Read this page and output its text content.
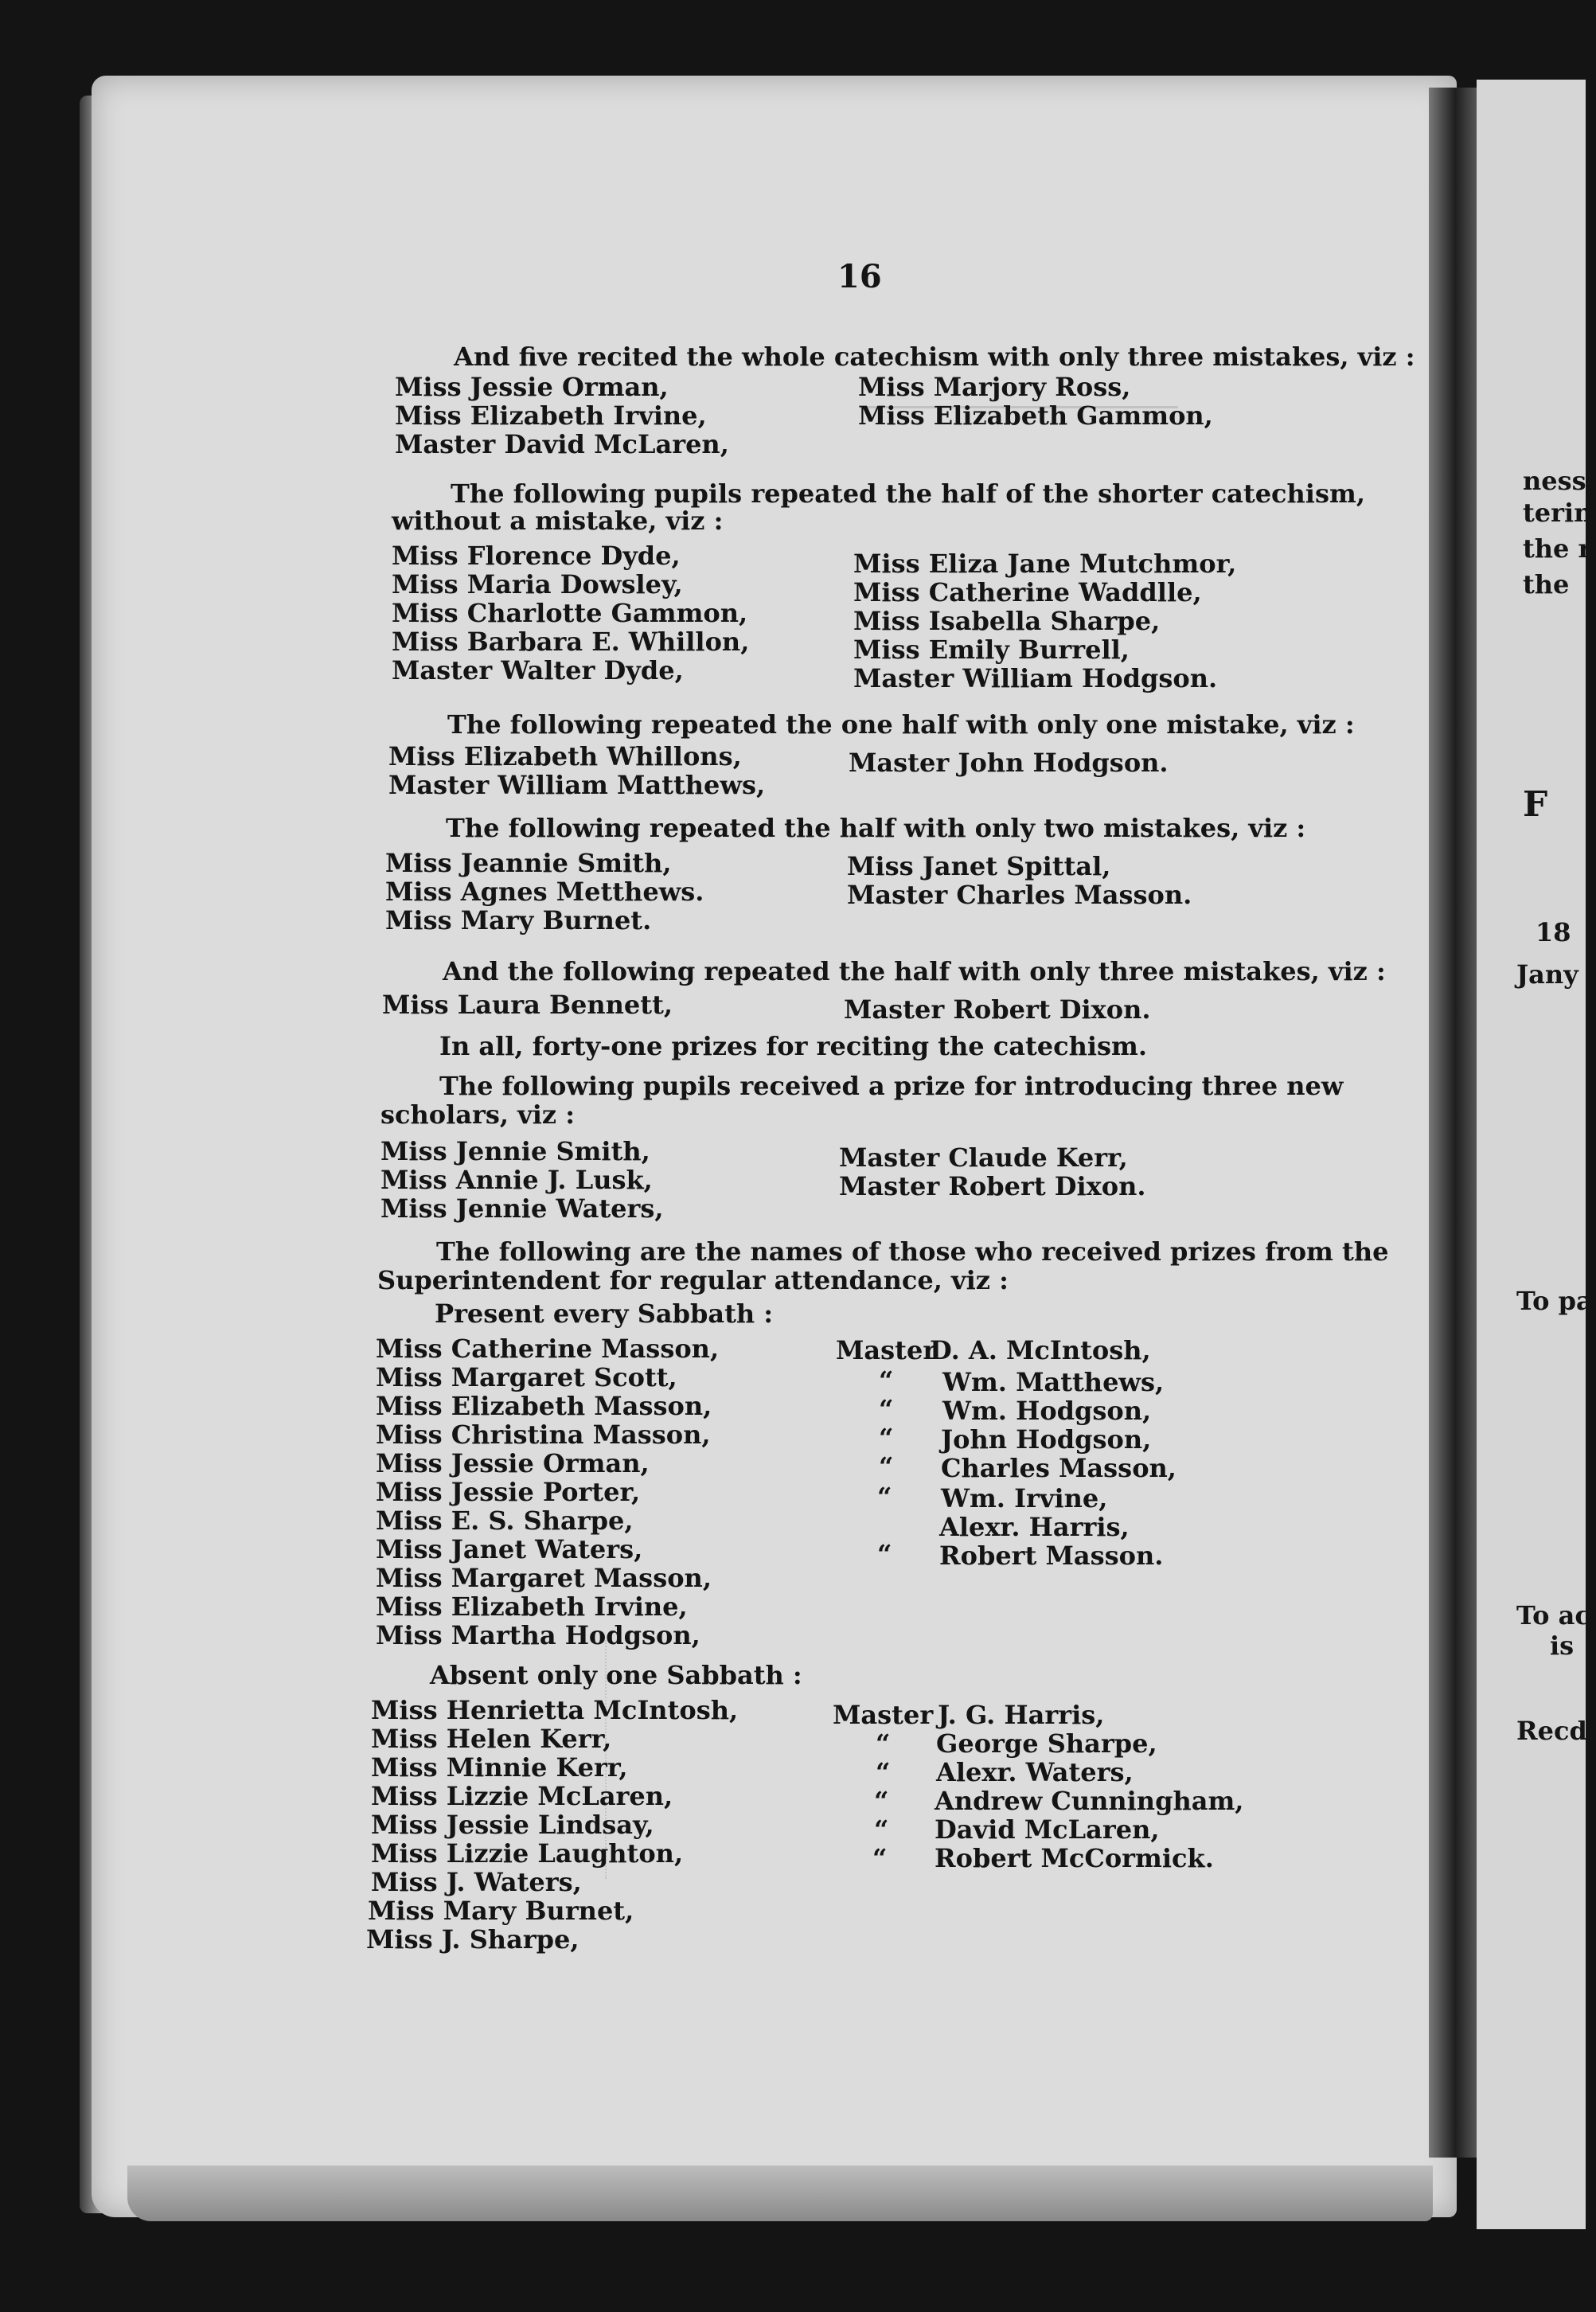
ness
terin
the r
the
F
18
Jany
To pa
To ac
is
Recd.
16
And five recited the whole catechism with only three mistakes, viz :
Miss Jessie Orman,
Miss Elizabeth Irvine,
Master David McLaren,
Miss Marjory Ross,
Miss Elizabeth Gammon,
The following pupils repeated the half of the shorter catechism,
without a mistake, viz :
Miss Florence Dyde,
Miss Maria Dowsley,
Miss Charlotte Gammon,
Miss Barbara E. Whillon,
Master Walter Dyde,
Miss Eliza Jane Mutchmor,
Miss Catherine Waddlle,
Miss Isabella Sharpe,
Miss Emily Burrell,
Master William Hodgson.
The following repeated the one half with only one mistake, viz :
Miss Elizabeth Whillons,
Master William Matthews,
Master John Hodgson.
The following repeated the half with only two mistakes, viz :
Miss Jeannie Smith,
Miss Agnes Metthews.
Miss Mary Burnet.
Miss Janet Spittal,
Master Charles Masson.
And the following repeated the half with only three mistakes, viz :
Miss Laura Bennett,	Master Robert Dixon.
In all, forty-one prizes for reciting the catechism.
The following pupils received a prize for introducing three new
scholars, viz :
Miss Jennie Smith,
Miss Annie J. Lusk,
Miss Jennie Waters,
Master Claude Kerr,
Master Robert Dixon.
The following are the names of those who received prizes from the
Superintendent for regular attendance, viz :
Present every Sabbath :
Miss Catherine Masson,
Miss Margaret Scott,
Miss Elizabeth Masson,
Miss Christina Masson,
Miss Jessie Orman,
Miss Jessie Porter,
Miss E. S. Sharpe,
Miss Janet Waters,
Miss Margaret Masson,
Miss Elizabeth Irvine,
Miss Martha Hodgson,
Master
D. A. McIntosh,
“ Wm. Matthews,
“ Wm. Hodgson,
“ John Hodgson,
“ Charles Masson,
“ Wm. Irvine,
Alexr. Harris,
“ Robert Masson.
Absent only one Sabbath :
Miss Henrietta McIntosh,
Miss Helen Kerr,
Miss Minnie Kerr,
Miss Lizzie McLaren,
Miss Jessie Lindsay,
Miss Lizzie Laughton,
Miss J. Waters,
Miss Mary Burnet,
Miss J. Sharpe,
Master J. G. Harris,
“ George Sharpe,
“ Alexr. Waters,
“ Andrew Cunningham,
“ David McLaren,
“ Robert McCormick.
